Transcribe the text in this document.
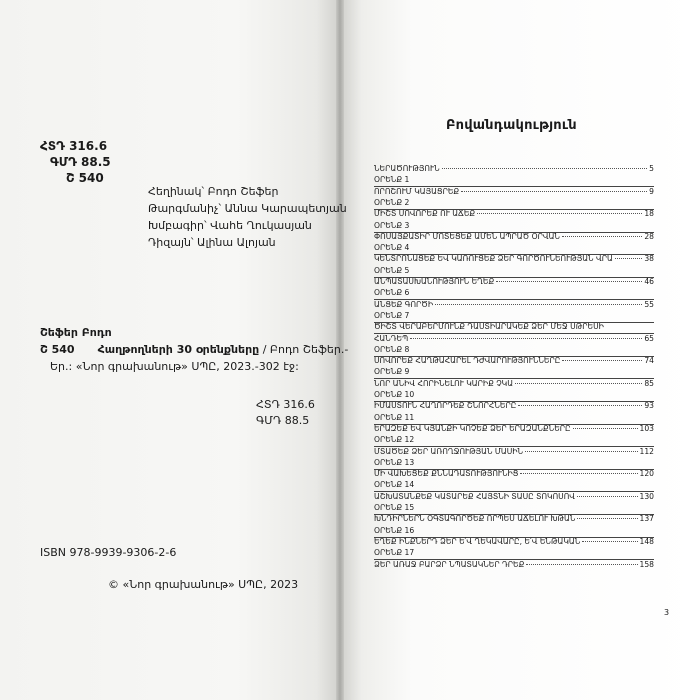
ՀՏԴ 316.6
ԳՄԴ 88.5
Շ 540
Հեղինակ՝ Բոդո Շեֆեր
Թարգմանիչ՝ Աննա Կարապետյան
Խմբագիր՝ Վահե Ղուկասյան
Դիզայն՝ Ալինա Ալոյան
Շեֆեր Բոդո
Շ 540 Հաղթողների 30 օրենքները / Բոդո Շեֆեր.-
Եր.: «Նոր գրախանութ» ՍՊԸ, 2023.-302 էջ:
ՀՏԴ 316.6
ԳՄԴ 88.5
ISBN 978-9939-9306-2-6
© «Նոր գրախանութ» ՍՊԸ, 2023
Բովանդակություն
ՆԵՐԱԾՈՒԹՅՈՒՆ	5
ՕՐԵՆՔ 1
ՈՐՈՇՈՒՄ ԿԱՅԱՑՐԵՔ	9
ՕՐԵՆՔ 2
ՄԻՇՏ ՍՈՎՈՐԵՔ ՈՒ ԱՃԵՔ	18
ՕՐԵՆՔ 3
ՓՈՍԱՅՔԱՏԻՐ ՄՈՏԵՑԵՔ ԱՄԵՆ ԱՊՐԱԾ ՕՐՎԱՆ	28
ՕՐԵՆՔ 4
ԿԵՆՏՐՈՆԱՑԵՔ ԵՎ ԿԱՌՈՒՑԵՔ ՁԵՐ ԳՈՐԾՈՒՆԵՈՒԹՅԱՆ ՎՐԱ	38
ՕՐԵՆՔ 5
ԱՆՊԱՏԱՍԽԱՆՈՒԹՅՈՒՆ ԵՂԵՔ	46
ՕՐԵՆՔ 6
ԱՆՑԵՔ ԳՈՐԾԻ	55
ՕՐԵՆՔ 7
ԾԻՇՏ ՎԵՐԱԲԵՐՄՈՒՆՔ ԴԱՍՏԻԱՐԱԿԵՔ ՁԵՐ ՄԵՋ ՍԹՐԵՍԻ
ՀԱՆԴԵՊ	65
ՕՐԵՆՔ 8
ՍՈՎՈՐԵՔ ՀԱՂԹԱՀԱՐԵԼ ԴԺՎԱՐՈՒԹՅՈՒՆՆԵՐԸ	74
ՕՐԵՆՔ 9
ՆՈՐ ԱՆԻՎ ՀՈՐԻՆԵԼՈՒ ԿԱՐԻՔ ՉԿԱ	85
ՕՐԵՆՔ 10
ԻՄԱՍՏՈՒՆ ՀԱՂՈՐԴԵՔ ՇՆՈՐՀՆԵՐԸ	93
ՕՐԵՆՔ 11
ԵՐԱԶԵՔ ԵՎ ԿՅԱՆՔԻ ԿՈՉԵՔ ՁԵՐ ԵՐԱԶԱՆՔՆԵՐԸ	103
ՕՐԵՆՔ 12
ՄՏԱԾԵՔ ՁԵՐ ԱՌՈՂՋՈՒԹՅԱՆ ՄԱՍԻՆ	112
ՕՐԵՆՔ 13
ՄԻ ՎԱԽԵՑԵՔ ՔՆՆԱԴԱՏՈՒԹՅՈՒՆԻՑ	120
ՕՐԵՆՔ 14
ԱՇԽԱՏԱՆՔԵՔ ԿԱՏԱՐԵՔ ՀԱՅՏՆԻ ՏԱՍԸ ՏՈԿՈՍՈՎ	130
ՕՐԵՆՔ 15
ԽՆԴԻՐՆԵՐՆ ՕԳՏԱԳՈՐԾԵՔ ՈՐՊԵՍ ԱՃԵԼՈՒ ԽԹԱՆ	137
ՕՐԵՆՔ 16
ԵՂԵՔ ԻՆՔՆԵՐԴ ՁԵՐ Ե՛Վ ՂԵԿԱՎԱՐԸ, Ե՛Վ ԵՆԹԱԿԱՆ	148
ՕՐԵՆՔ 17
ՁԵՐ ԱՌԱՋ ԲԱՐՁՐ ՆՊԱՏԱԿՆԵՐ ԴՐԵՔ	158
3
